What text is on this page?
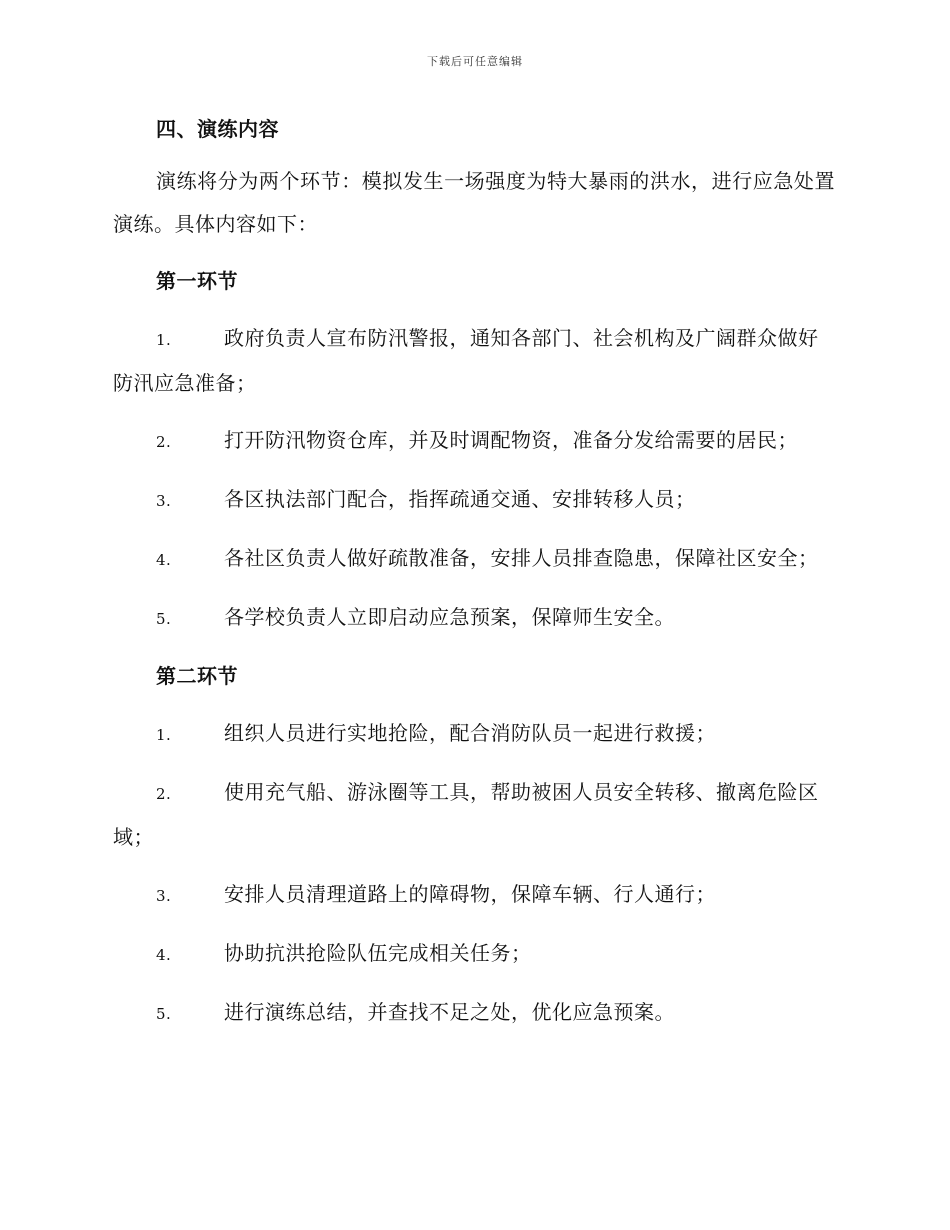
下载后可任意编辑
四、演练内容
演练将分为两个环节：模拟发生一场强度为特大暴雨的洪水，进行应急处置演练。具体内容如下：
第一环节
1.	政府负责人宣布防汛警报，通知各部门、社会机构及广阔群众做好防汛应急准备；
2.	打开防汛物资仓库，并及时调配物资，准备分发给需要的居民；
3.	各区执法部门配合，指挥疏通交通、安排转移人员；
4.	各社区负责人做好疏散准备，安排人员排查隐患，保障社区安全；
5.	各学校负责人立即启动应急预案，保障师生安全。
第二环节
1.	组织人员进行实地抢险，配合消防队员一起进行救援；
2.	使用充气船、游泳圈等工具，帮助被困人员安全转移、撤离危险区域；
3.	安排人员清理道路上的障碍物，保障车辆、行人通行；
4.	协助抗洪抢险队伍完成相关任务；
5.	进行演练总结，并查找不足之处，优化应急预案。
